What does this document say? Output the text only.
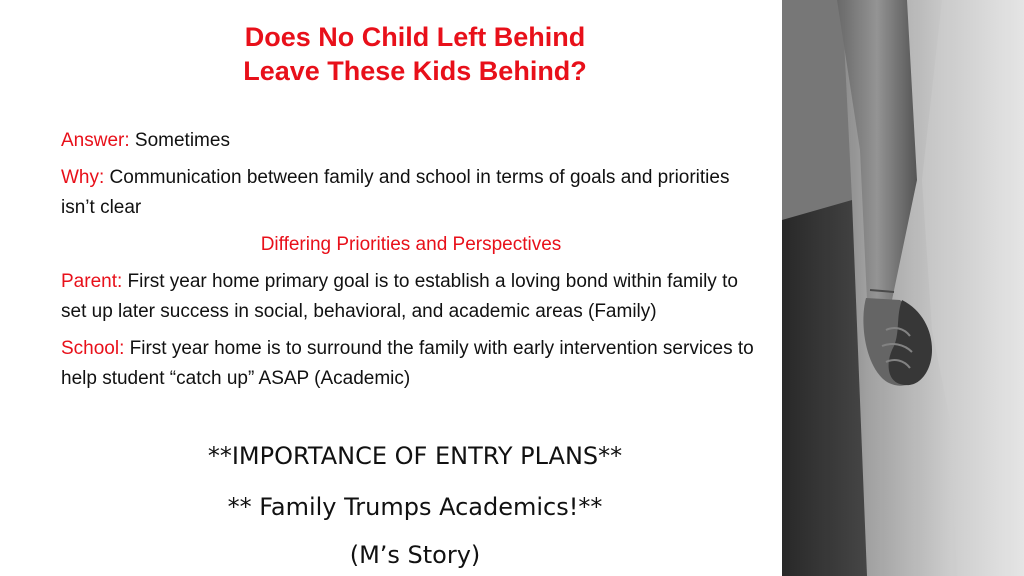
Does No Child Left Behind
Leave These Kids Behind?

Answer: Sometimes

Why: Communication between family and school in terms of goals and priorities isn’t clear

Differing Priorities and Perspectives

Parent: First year home primary goal is to establish a loving bond within family to set up later success in social, behavioral, and academic areas (Family)

School: First year home is to surround the family with early intervention services to help student “catch up” ASAP (Academic)

**IMPORTANCE OF ENTRY PLANS**
** Family Trumps Academics!**
(M’s Story)
